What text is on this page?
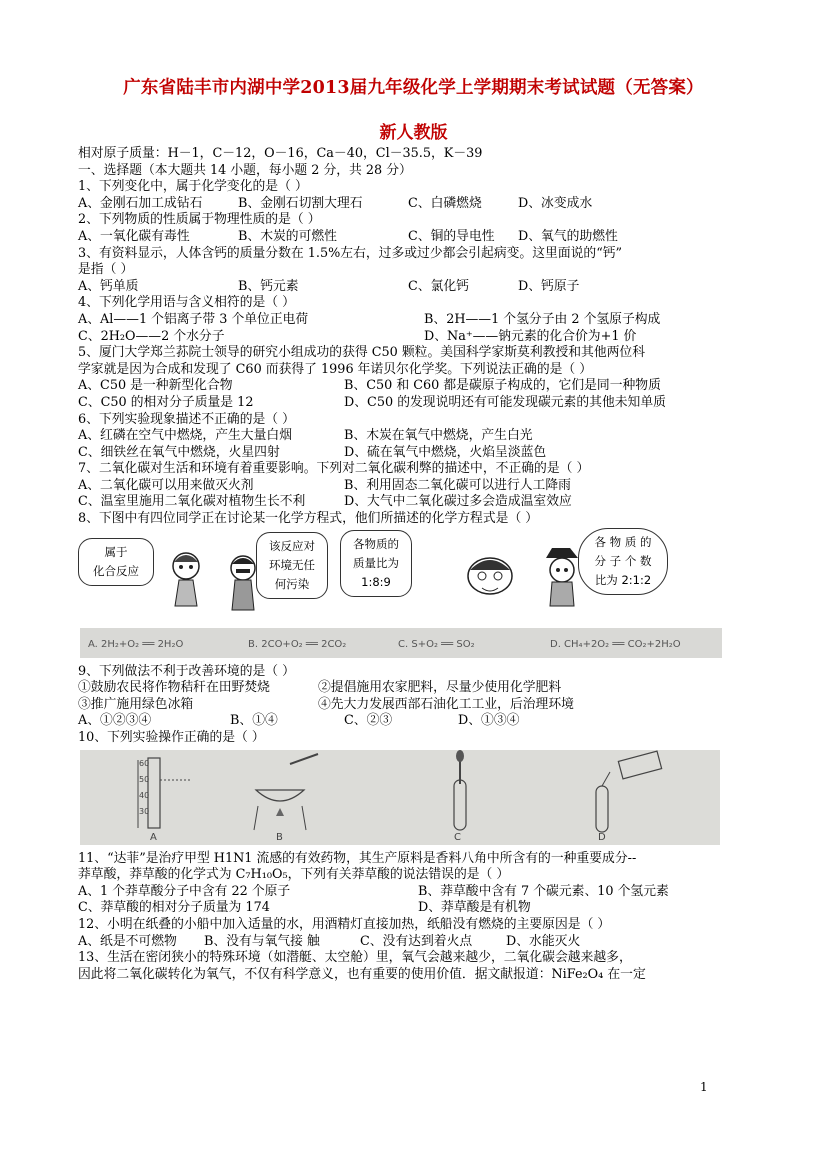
广东省陆丰市内湖中学2013届九年级化学上学期期末考试试题（无答案）
新人教版
相对原子质量：H－1，C－12，O－16，Ca－40，Cl－35.5，K－39
一、选择题（本大题共 14 小题，每小题 2 分，共 28 分）
1、下列变化中，属于化学变化的是（ ）
A、金刚石加工成钻石	B、金刚石切割大理石	C、白磷燃烧	D、冰变成水
2、下列物质的性质属于物理性质的是（ ）
A、一氧化碳有毒性	B、木炭的可燃性	C、铜的导电性 D、氧气的助燃性
3、有资料显示，人体含钙的质量分数在 1.5%左右，过多或过少都会引起病变。这里面说的“钙”
是指（ ）
A、钙单质	B、钙元素	C、氯化钙	D、钙原子
4、下列化学用语与含义相符的是（ ）
A、Al——1 个铝离子带 3 个单位正电荷	B、2H——1 个氢分子由 2 个氢原子构成
C、2H₂O——2 个水分子	D、Na⁺——钠元素的化合价为+1 价
5、厦门大学郑兰荪院士领导的研究小组成功的获得 C50 颗粒。美国科学家斯莫利教授和其他两位科
学家就是因为合成和发现了 C60 而获得了 1996 年诺贝尔化学奖。下列说法正确的是（ ）
A、C50 是一种新型化合物	B、C50 和 C60 都是碳原子构成的，它们是同一种物质
C、C50 的相对分子质量是 12	D、C50 的发现说明还有可能发现碳元素的其他未知单质
6、下列实验现象描述不正确的是（ ）
A、红磷在空气中燃烧，产生大量白烟	B、木炭在氧气中燃烧，产生白光
C、细铁丝在氧气中燃烧，火星四射	D、硫在氧气中燃烧，火焰呈淡蓝色
7、二氧化碳对生活和环境有着重要影响。下列对二氧化碳利弊的描述中，不正确的是（ ）
A、二氧化碳可以用来做灭火剂	B、利用固态二氧化碳可以进行人工降雨
C、温室里施用二氧化碳对植物生长不利	D、大气中二氧化碳过多会造成温室效应
8、下图中有四位同学正在讨论某一化学方程式，他们所描述的化学方程式是（ ）
属于
化合反应
该反应对
环境无任
何污染
各物质的
质量比为
1:8:9
各 物 质 的
分 子 个 数
比为 2:1:2
A. 2H₂+O₂ ══ 2H₂O	B. 2CO+O₂ ══ 2CO₂	C. S+O₂ ══ SO₂	D. CH₄+2O₂ ══ CO₂+2H₂O
9、下列做法不利于改善环境的是（ ）
①鼓励农民将作物秸秆在田野焚烧	②提倡施用农家肥料，尽量少使用化学肥料
③推广施用绿色冰箱	④先大力发展西部石油化工工业，后治理环境
A、①②③④	B、①④	C、②③	D、①③④
10、下列实验操作正确的是（ ）
60
50
40
30
A	B	C	D
11、“达菲”是治疗甲型 H1N1 流感的有效药物，其生产原料是香料八角中所含有的一种重要成分--
莽草酸，莽草酸的化学式为 C₇H₁₀O₅，下列有关莽草酸的说法错误的是（ ）
A、1 个莽草酸分子中含有 22 个原子	B、莽草酸中含有 7 个碳元素、10 个氢元素
C、莽草酸的相对分子质量为 174	D、莽草酸是有机物
12、小明在纸叠的小船中加入适量的水，用酒精灯直接加热，纸船没有燃烧的主要原因是（ ）
A、纸是不可燃物 B、没有与氧气接 触	C、没有达到着火点	D、水能灭火
13、生活在密闭狭小的特殊环境（如潜艇、太空舱）里，氧气会越来越少，二氧化碳会越来越多，
因此将二氧化碳转化为氧气，不仅有科学意义，也有重要的使用价值．据文献报道：NiFe₂O₄ 在一定
1
